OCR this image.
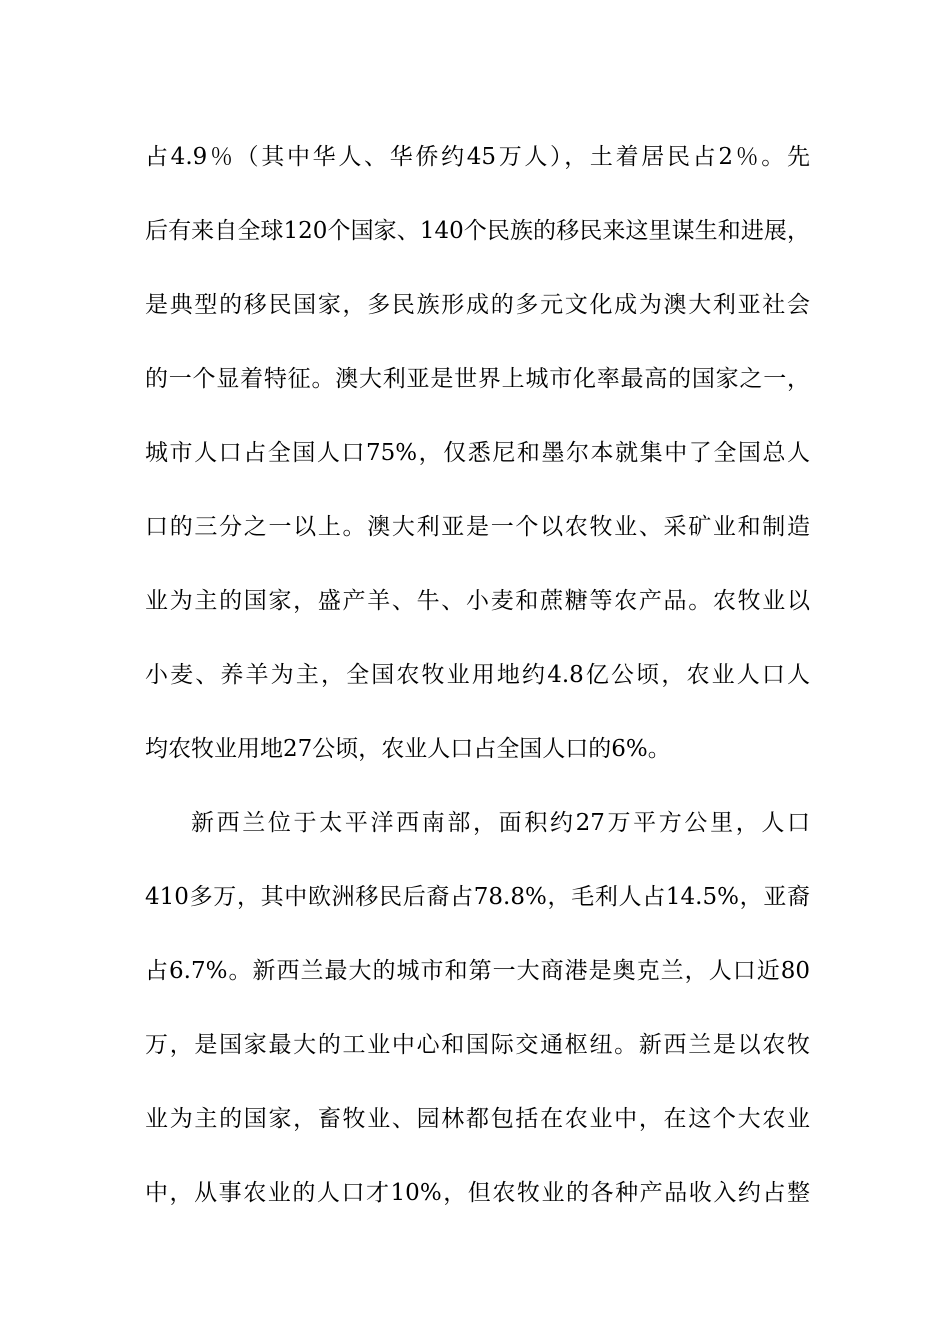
占4.9％（其中华人、华侨约45万人），土着居民占2％。先
后有来自全球120个国家、140个民族的移民来这里谋生和进展，
是典型的移民国家，多民族形成的多元文化成为澳大利亚社会
的一个显着特征。澳大利亚是世界上城市化率最高的国家之一，
城市人口占全国人口75%，仅悉尼和墨尔本就集中了全国总人
口的三分之一以上。澳大利亚是一个以农牧业、采矿业和制造
业为主的国家，盛产羊、牛、小麦和蔗糖等农产品。农牧业以
小麦、养羊为主，全国农牧业用地约4.8亿公顷，农业人口人
均农牧业用地27公顷，农业人口占全国人口的6%。
新西兰位于太平洋西南部，面积约27万平方公里，人口
410多万，其中欧洲移民后裔占78.8%，毛利人占14.5%，亚裔
占6.7%。新西兰最大的城市和第一大商港是奥克兰，人口近80
万，是国家最大的工业中心和国际交通枢纽。新西兰是以农牧
业为主的国家，畜牧业、园林都包括在农业中，在这个大农业
中，从事农业的人口才10%，但农牧业的各种产品收入约占整
